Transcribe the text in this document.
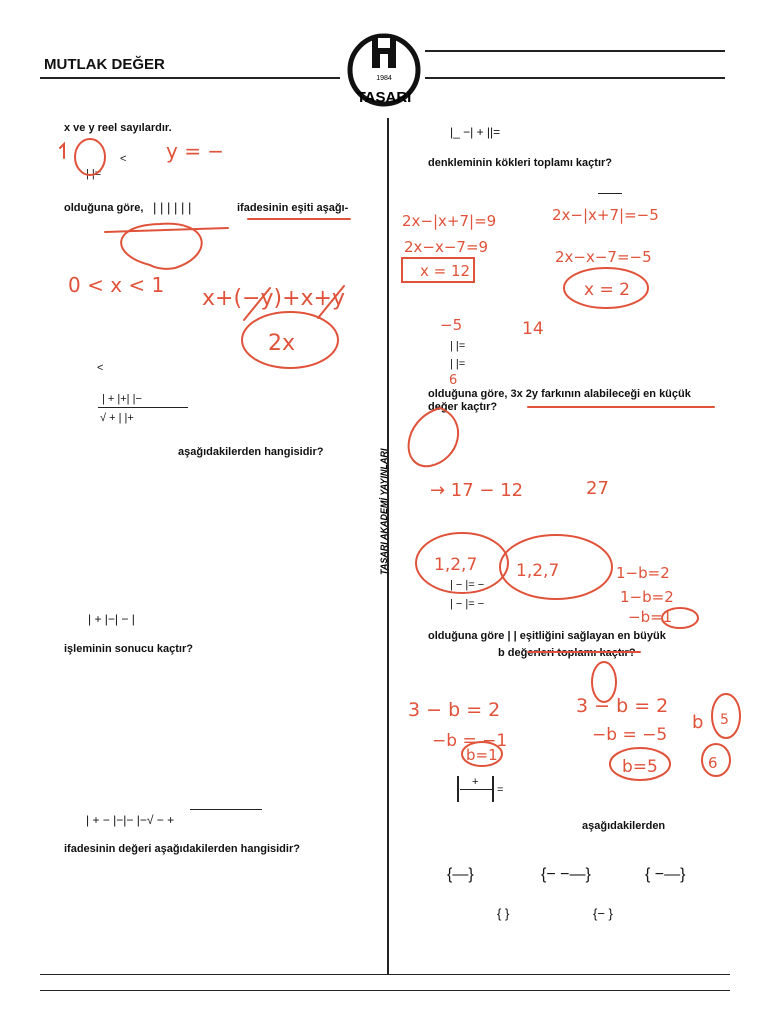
MUTLAK DEĞER
1984
TASARI
TASARI AKADEMİ YAYINLARI
x ve y reel sayılardır.
<
| |=
olduğuna göre, | | | | | |	ifadesinin eşiti aşağı-
<
| + |+| |−
√ + | |+
aşağıdakilerden hangisidir?
| + |−| − |
işleminin sonucu kaçtır?
| + − |−|− |−√ − +
ifadesinin değeri aşağıdakilerden hangisidir?
|_ −| + ||=
denkleminin kökleri toplamı kaçtır?
| |=
| |=
olduğuna göre, 3x 2y farkının alabileceği en küçük
değer kaçtır?
| − |= −
| − |= −
olduğuna göre | | eşitliğini sağlayan en büyük
b değerleri toplamı kaçtır?
+
=
aşağıdakilerden
{—}	{− −—}	{ −—}
{ }	{− }
y = −
0 < x < 1
x+(−y)+x+y
2x
2x−|x+7|=9
2x−x−7=9
x = 12
2x−|x+7|=−5
2x−x−7=−5
x = 2
−5	14
6
→ 17 − 12	27
1,2,7 1,2,7	1−b=2
1−b=2
−b=1
3 − b = 2
−b = −1
b=1
3 − b = 2
−b = −5
b=5	6
b 5
